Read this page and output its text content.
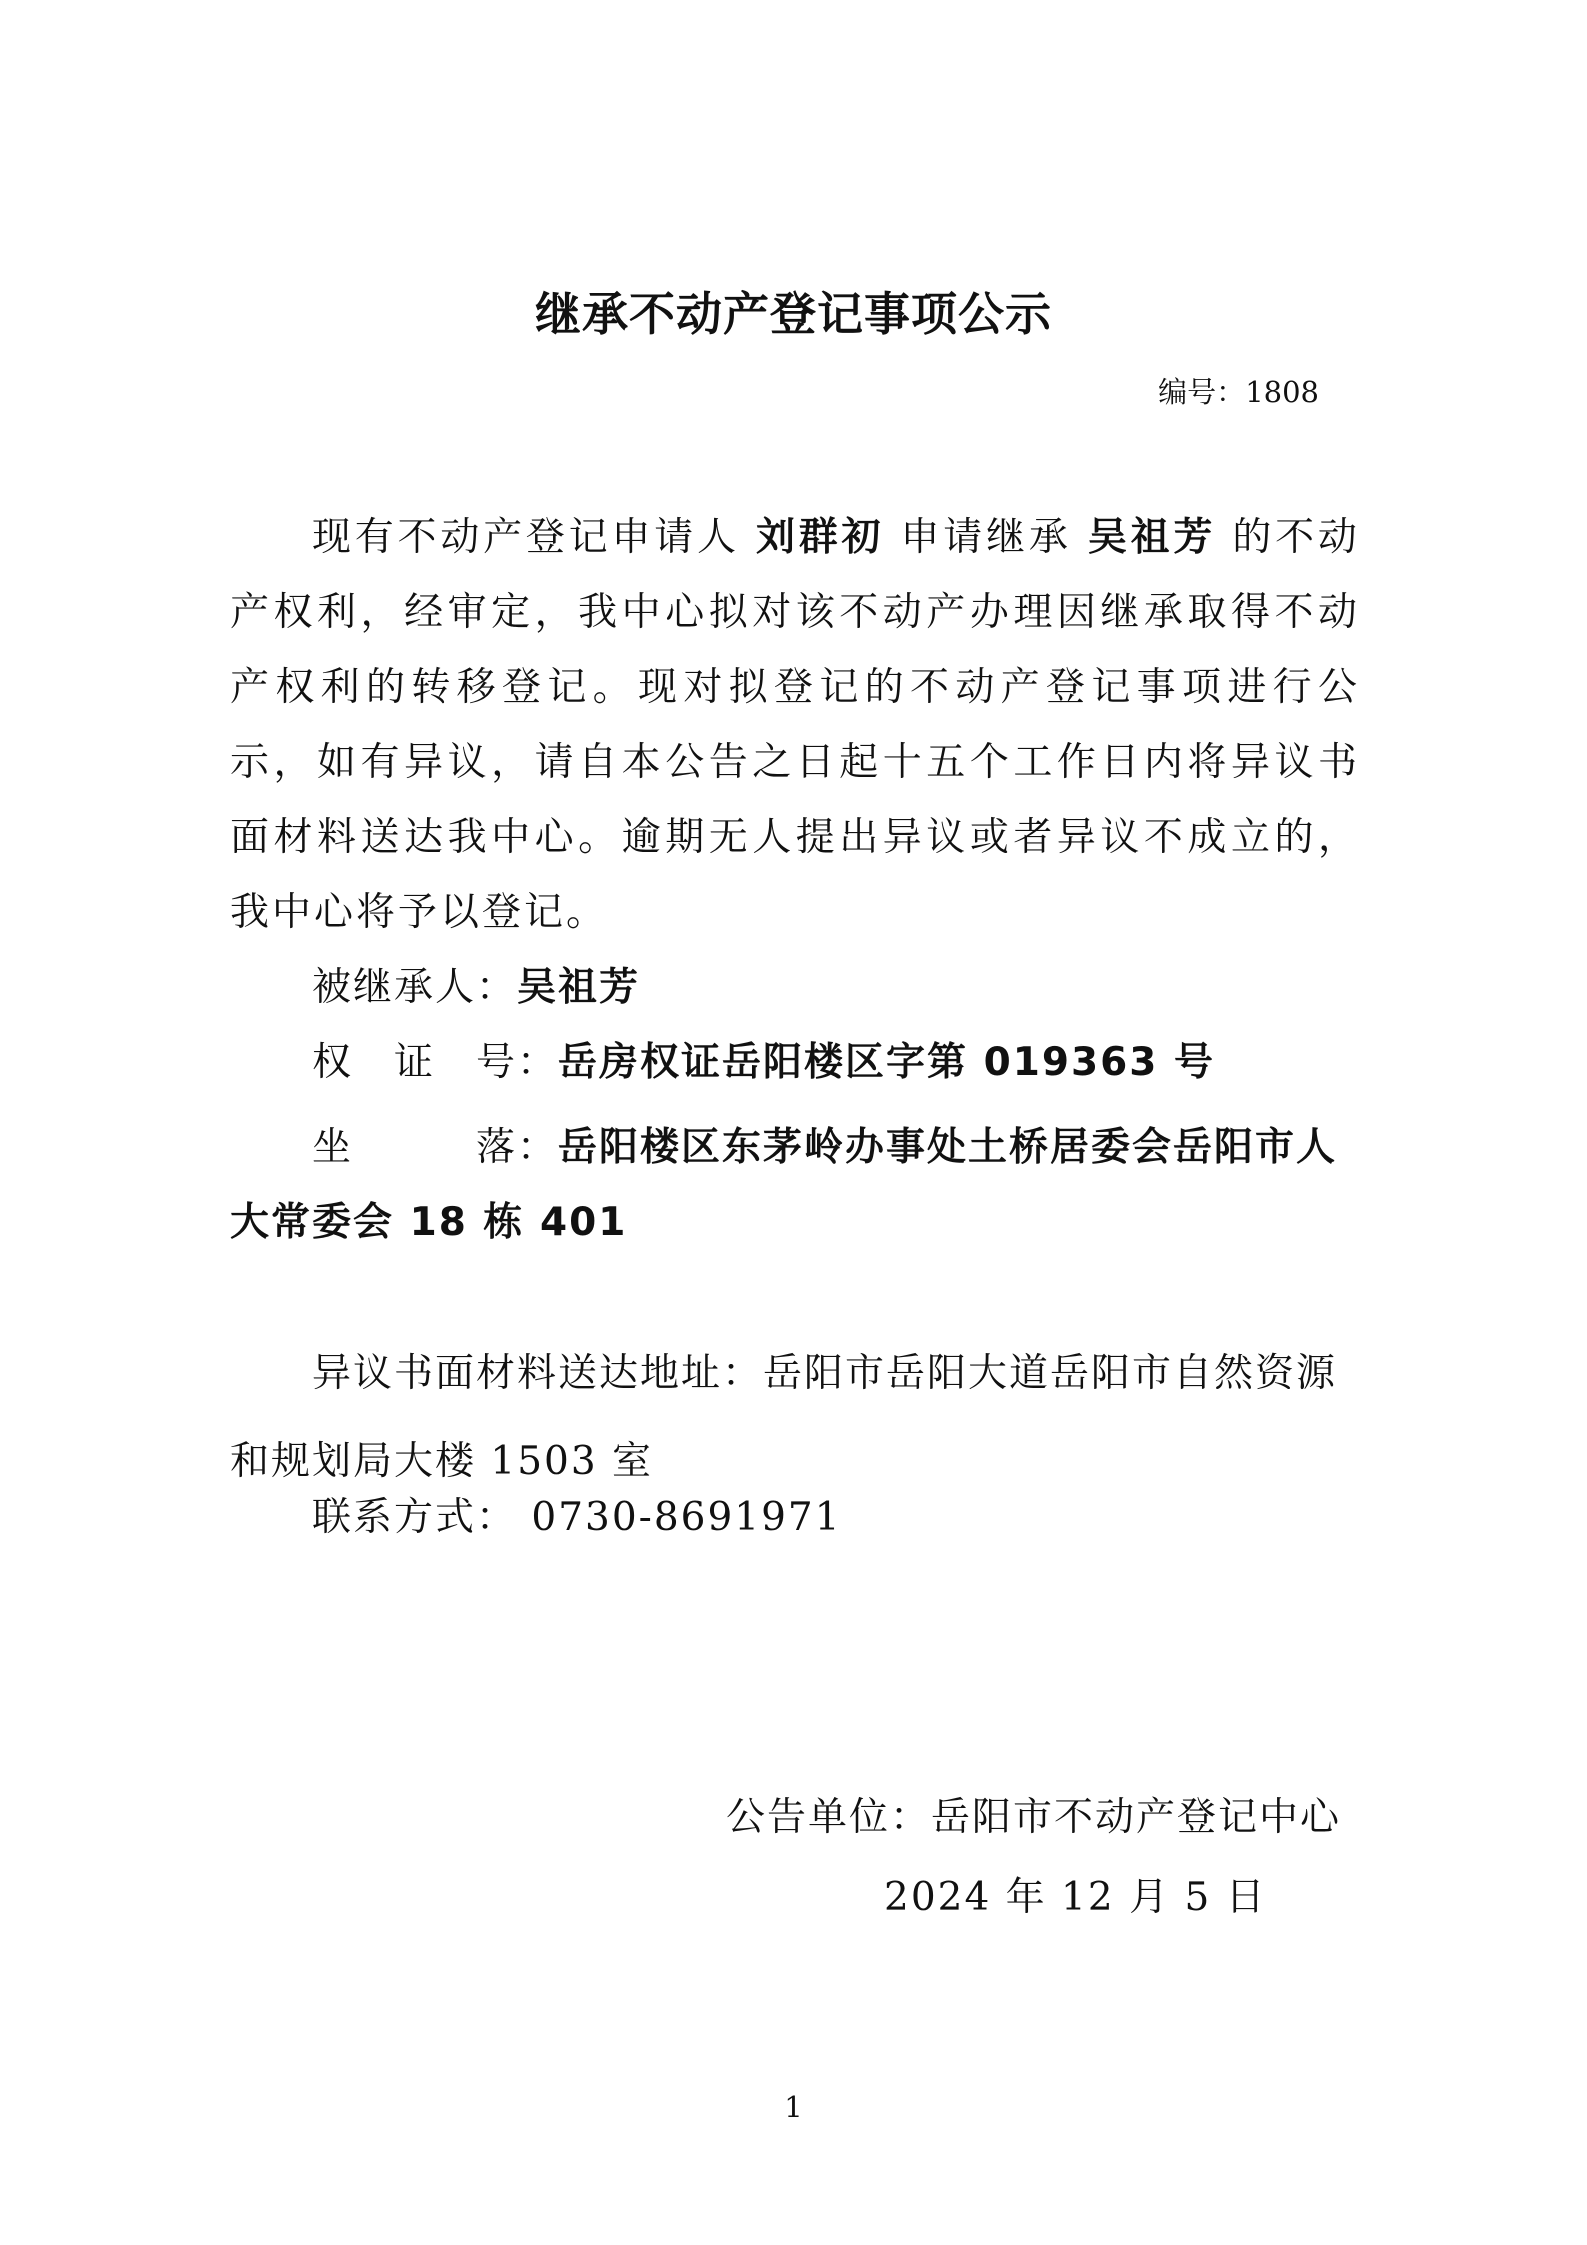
继承不动产登记事项公示
编号：1808
现有不动产登记申请人 刘群初 申请继承 吴祖芳 的不动产权利，经审定，我中心拟对该不动产办理因继承取得不动产权利的转移登记。现对拟登记的不动产登记事项进行公示，如有异议，请自本公告之日起十五个工作日内将异议书面材料送达我中心。逾期无人提出异议或者异议不成立的，我中心将予以登记。
被继承人：吴祖芳
权　证　号：岳房权证岳阳楼区字第 019363 号
坐　　　落：岳阳楼区东茅岭办事处土桥居委会岳阳市人大常委会 18 栋 401
异议书面材料送达地址：岳阳市岳阳大道岳阳市自然资源和规划局大楼 1503 室
联系方式： 0730-8691971
公告单位：岳阳市不动产登记中心
2024 年 12 月 5 日
1
